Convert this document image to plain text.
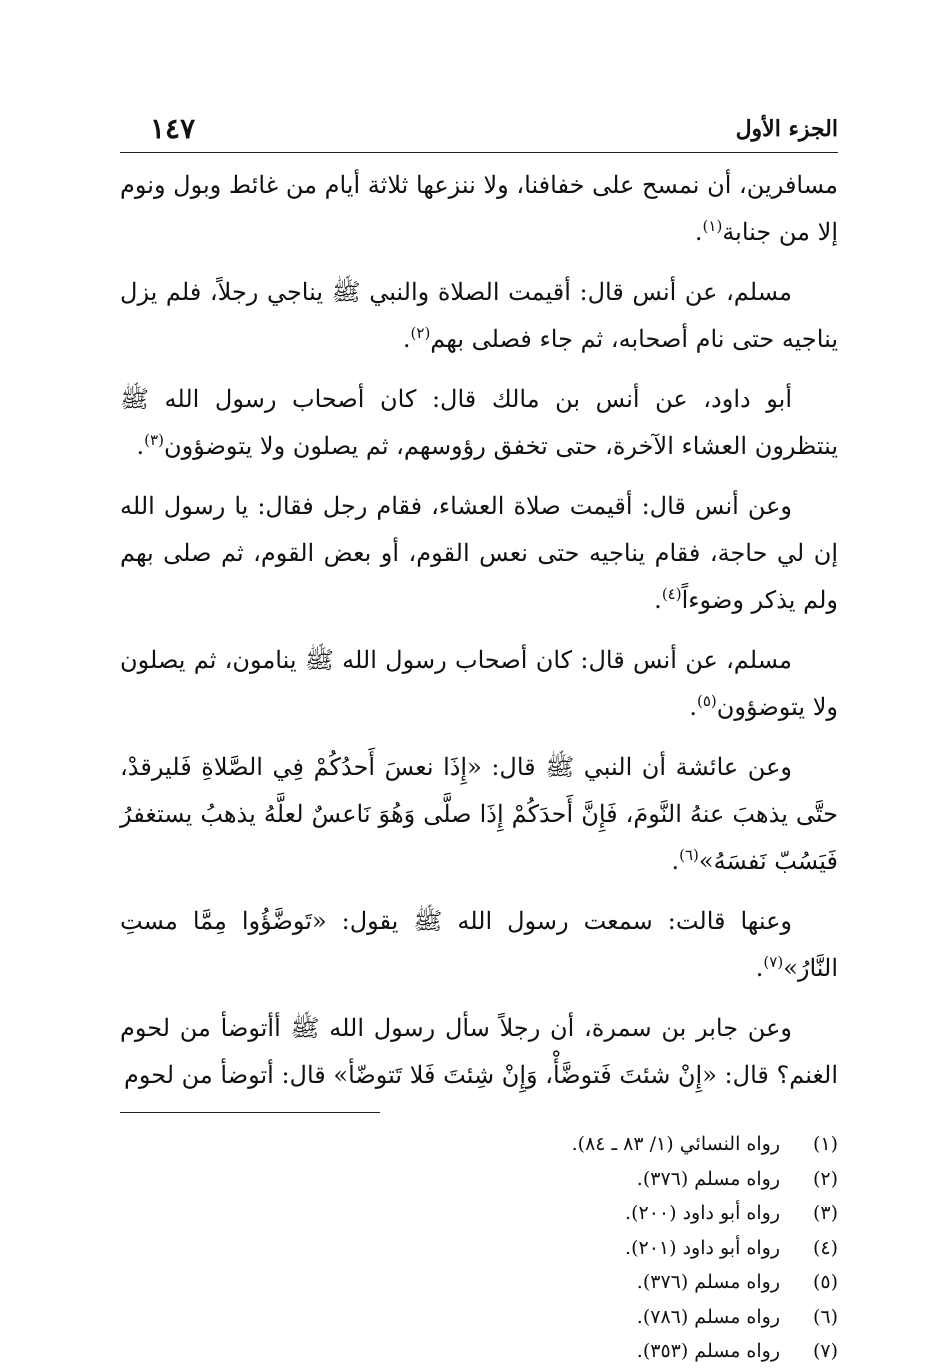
الجزء الأول
١٤٧

مسافرين، أن نمسح على خفافنا، ولا ننزعها ثلاثة أيام من غائط وبول ونوم إلا من جنابة$^{(١)}$.

مسلم، عن أنس قال: أقيمت الصلاة والنبي ﷺ يناجي رجلاً، فلم يزل يناجيه حتى نام أصحابه، ثم جاء فصلى بهم$^{(٢)}$.

أبو داود، عن أنس بن مالك قال: كان أصحاب رسول الله ﷺ ينتظرون العشاء الآخرة، حتى تخفق رؤوسهم، ثم يصلون ولا يتوضؤون$^{(٣)}$.

وعن أنس قال: أقيمت صلاة العشاء، فقام رجل فقال: يا رسول الله إن لي حاجة، فقام يناجيه حتى نعس القوم، أو بعض القوم، ثم صلى بهم ولم يذكر وضوءاً$^{(٤)}$.

مسلم، عن أنس قال: كان أصحاب رسول الله ﷺ ينامون، ثم يصلون ولا يتوضؤون$^{(٥)}$.

وعن عائشة أن النبي ﷺ قال: «إِذَا نعسَ أَحدُكُمْ فِي الصَّلاةِ فَليرقدْ، حتَّى يذهبَ عنهُ النَّومَ، فَإِنَّ أَحدَكُمْ إِذَا صلَّى وَهُوَ نَاعسٌ لعلَّهُ يذهبُ يستغفرُ فَيَسُبّ نَفسَهُ»$^{(٦)}$.

وعنها قالت: سمعت رسول الله ﷺ يقول: «تَوضَّؤُوا مِمَّا مستِ النَّارُ»$^{(٧)}$.

وعن جابر بن سمرة، أن رجلاً سأل رسول الله ﷺ أأتوضأ من لحوم الغنم؟ قال: «إِنْ شئتَ فَتوضَّأْ، وَإِنْ شِئتَ فَلا تَتوضّأ» قال: أتوضأ من لحوم

(١)
رواه النسائي (١/ ٨٣ ـ ٨٤).
(٢)
رواه مسلم (٣٧٦).
(٣)
رواه أبو داود (٢٠٠).
(٤)
رواه أبو داود (٢٠١).
(٥)
رواه مسلم (٣٧٦).
(٦)
رواه مسلم (٧٨٦).
(٧)
رواه مسلم (٣٥٣).
